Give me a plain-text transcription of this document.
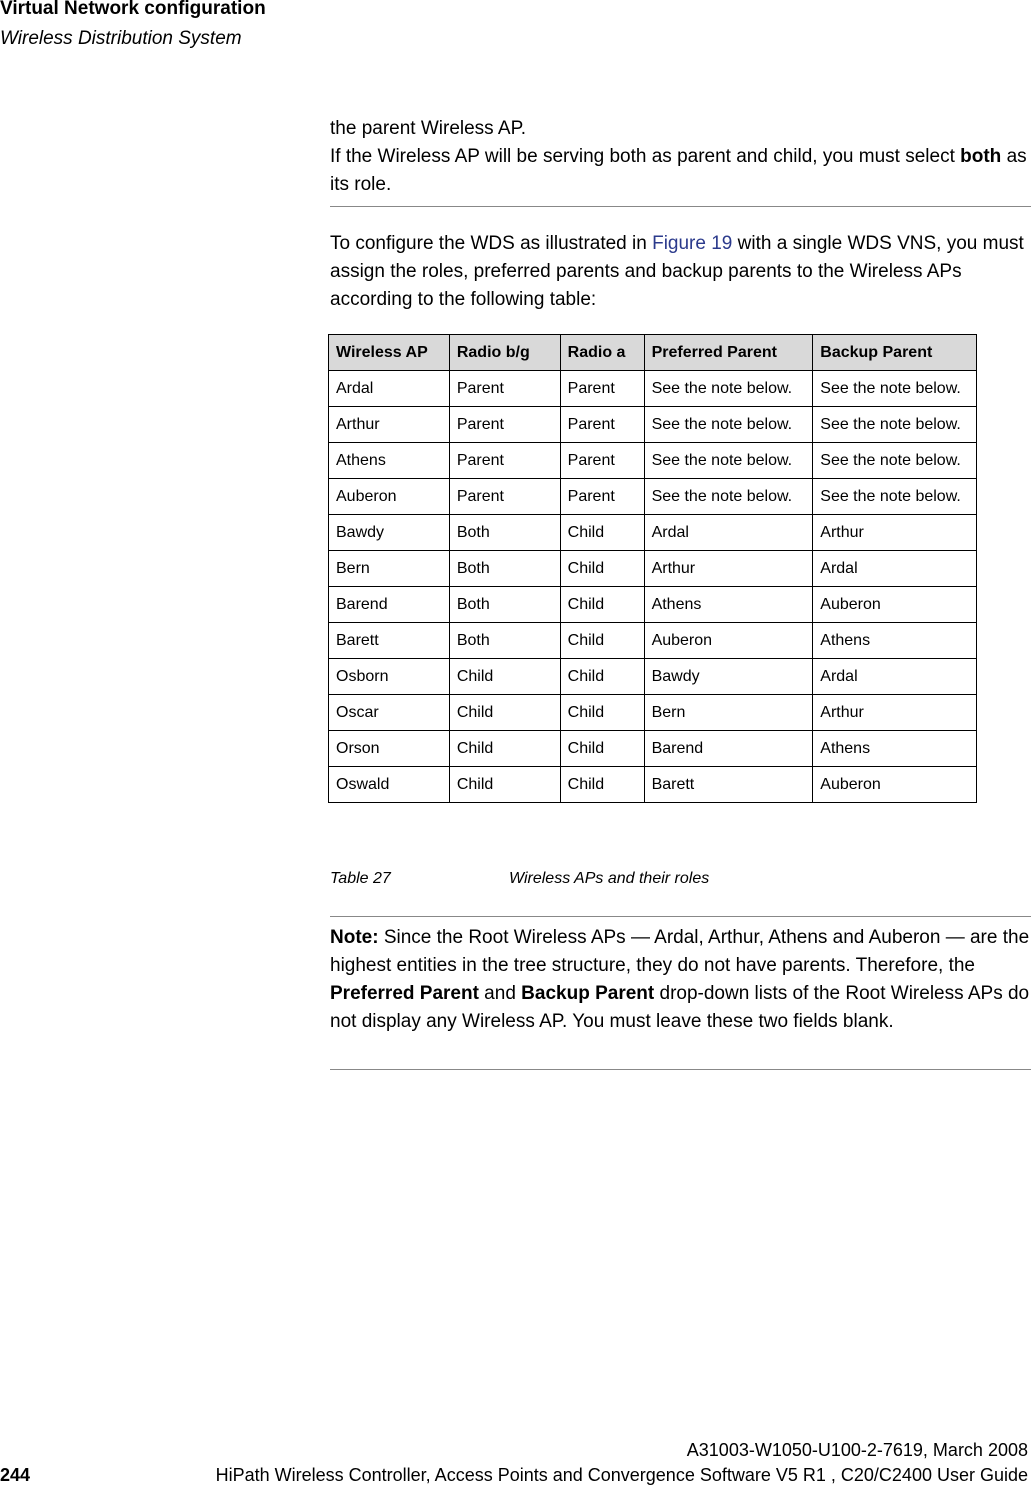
Virtual Network configuration
Wireless Distribution System

the parent Wireless AP.

If the Wireless AP will be serving both as parent and child, you must select both as its role.

To configure the WDS as illustrated in Figure 19 with a single WDS VNS, you must assign the roles, preferred parents and backup parents to the Wireless APs according to the following table:

Wireless AP	Radio b/g	Radio a	Preferred Parent	Backup Parent
Ardal	Parent	Parent	See the note below.	See the note below.
Arthur	Parent	Parent	See the note below.	See the note below.
Athens	Parent	Parent	See the note below.	See the note below.
Auberon	Parent	Parent	See the note below.	See the note below.
Bawdy	Both	Child	Ardal	Arthur
Bern	Both	Child	Arthur	Ardal
Barend	Both	Child	Athens	Auberon
Barett	Both	Child	Auberon	Athens
Osborn	Child	Child	Bawdy	Ardal
Oscar	Child	Child	Bern	Arthur
Orson	Child	Child	Barend	Athens
Oswald	Child	Child	Barett	Auberon
Table 27	Wireless APs and their roles

Note: Since the Root Wireless APs — Ardal, Arthur, Athens and Auberon — are the highest entities in the tree structure, they do not have parents. Therefore, the Preferred Parent and Backup Parent drop-down lists of the Root Wireless APs do not display any Wireless AP. You must leave these two fields blank.

A31003-W1050-U100-2-7619, March 2008
244	HiPath Wireless Controller, Access Points and Convergence Software V5 R1 , C20/C2400 User Guide
